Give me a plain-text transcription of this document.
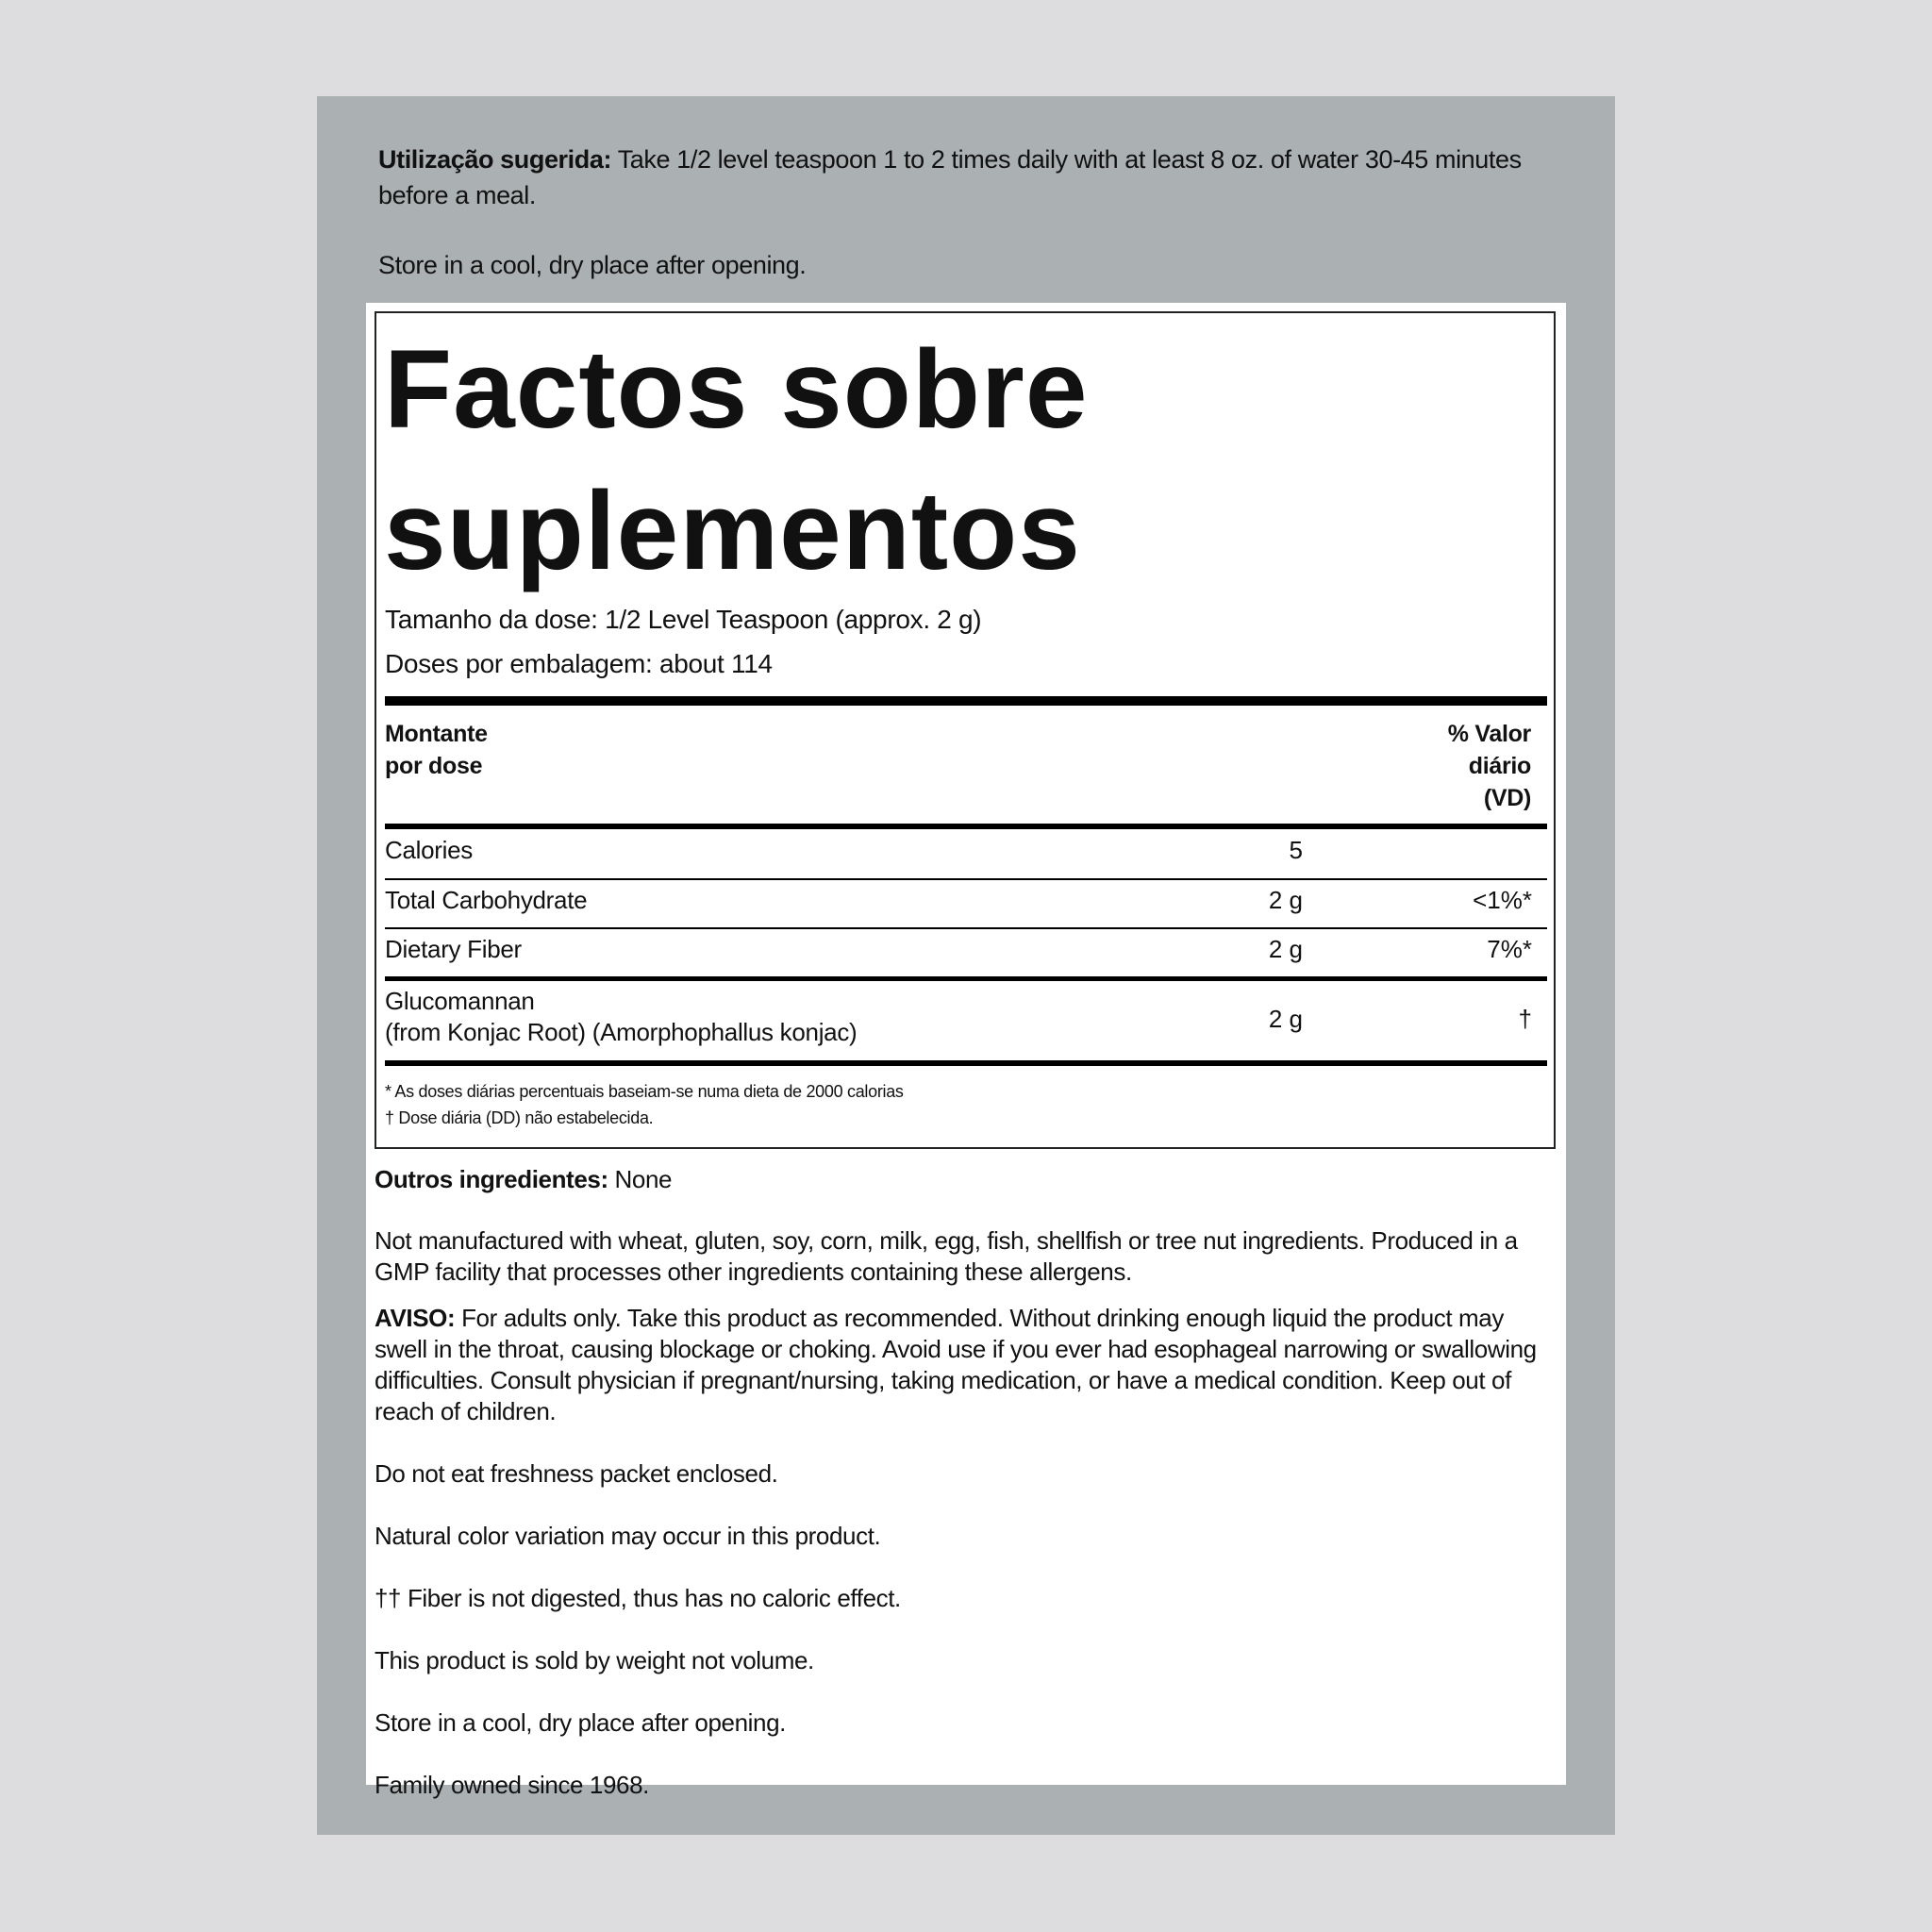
Utilização sugerida: Take 1/2 level teaspoon 1 to 2 times daily with at least 8 oz. of water 30-45 minutes before a meal.

Store in a cool, dry place after opening.

Factos sobre
suplementos
Tamanho da dose: 1/2 Level Teaspoon (approx. 2 g)
Doses por embalagem: about 114
Montante
por dose
% Valor
diário
(VD)
Calories	5
Total Carbohydrate	2 g	<1%*
Dietary Fiber	2 g	7%*
Glucomannan
(from Konjac Root) (Amorphophallus konjac)	2 g	†
* As doses diárias percentuais baseiam-se numa dieta de 2000 calorias
† Dose diária (DD) não estabelecida.

Outros ingredientes: None

Not manufactured with wheat, gluten, soy, corn, milk, egg, fish, shellfish or tree nut ingredients. Produced in a GMP facility that processes other ingredients containing these allergens.

AVISO: For adults only. Take this product as recommended. Without drinking enough liquid the product may swell in the throat, causing blockage or choking. Avoid use if you ever had esophageal narrowing or swallowing difficulties. Consult physician if pregnant/nursing, taking medication, or have a medical condition. Keep out of reach of children.

Do not eat freshness packet enclosed.

Natural color variation may occur in this product.

†† Fiber is not digested, thus has no caloric effect.

This product is sold by weight not volume.

Store in a cool, dry place after opening.

Family owned since 1968.
